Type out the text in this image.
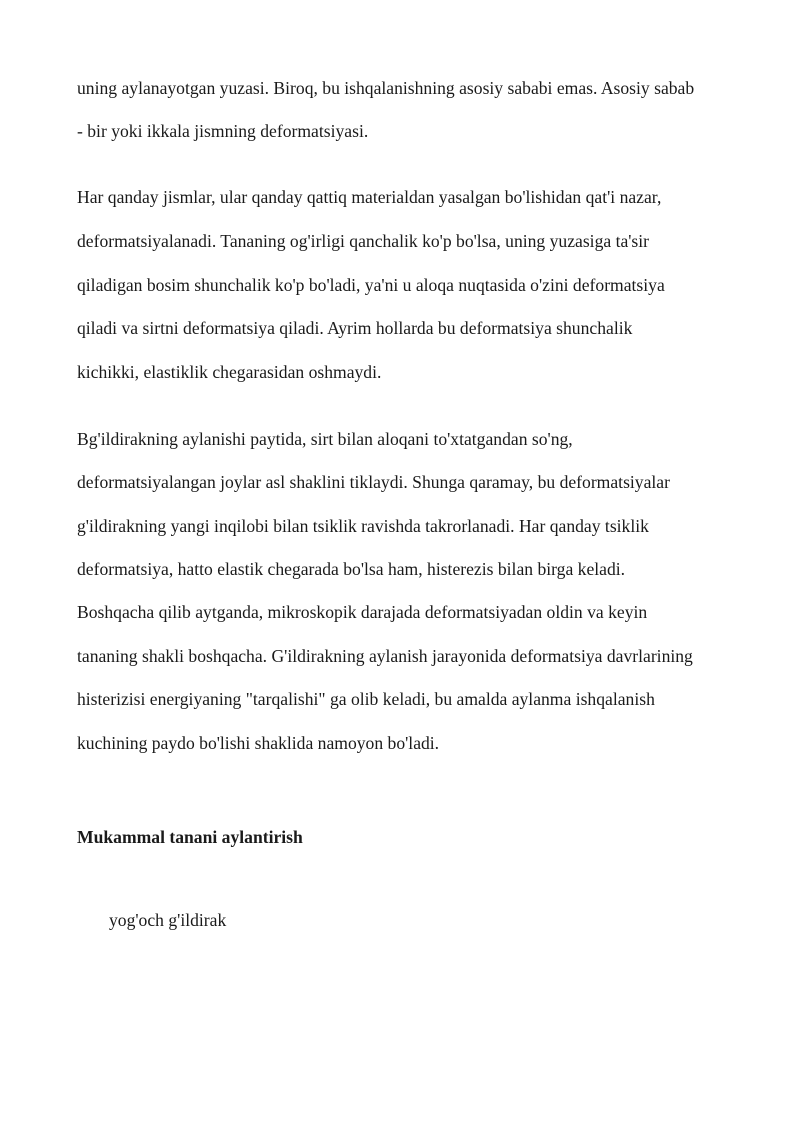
uning aylanayotgan yuzasi. Biroq, bu ishqalanishning asosiy sababi emas. Asosiy sabab
- bir yoki ikkala jismning deformatsiyasi.
Har qanday jismlar, ular qanday qattiq materialdan yasalgan bo'lishidan qat'i nazar,
deformatsiyalanadi. Tananing og'irligi qanchalik ko'p bo'lsa, uning yuzasiga ta'sir
qiladigan bosim shunchalik ko'p bo'ladi, ya'ni u aloqa nuqtasida o'zini deformatsiya
qiladi va sirtni deformatsiya qiladi. Ayrim hollarda bu deformatsiya shunchalik
kichikki, elastiklik chegarasidan oshmaydi.
Bg'ildirakning aylanishi paytida, sirt bilan aloqani to'xtatgandan so'ng,
deformatsiyalangan joylar asl shaklini tiklaydi. Shunga qaramay, bu deformatsiyalar
g'ildirakning yangi inqilobi bilan tsiklik ravishda takrorlanadi. Har qanday tsiklik
deformatsiya, hatto elastik chegarada bo'lsa ham, histerezis bilan birga keladi.
Boshqacha qilib aytganda, mikroskopik darajada deformatsiyadan oldin va keyin
tananing shakli boshqacha. G'ildirakning aylanish jarayonida deformatsiya davrlarining
histerizisi energiyaning "tarqalishi" ga olib keladi, bu amalda aylanma ishqalanish
kuchining paydo bo'lishi shaklida namoyon bo'ladi.
Mukammal tanani aylantirish
yog'och g'ildirak
